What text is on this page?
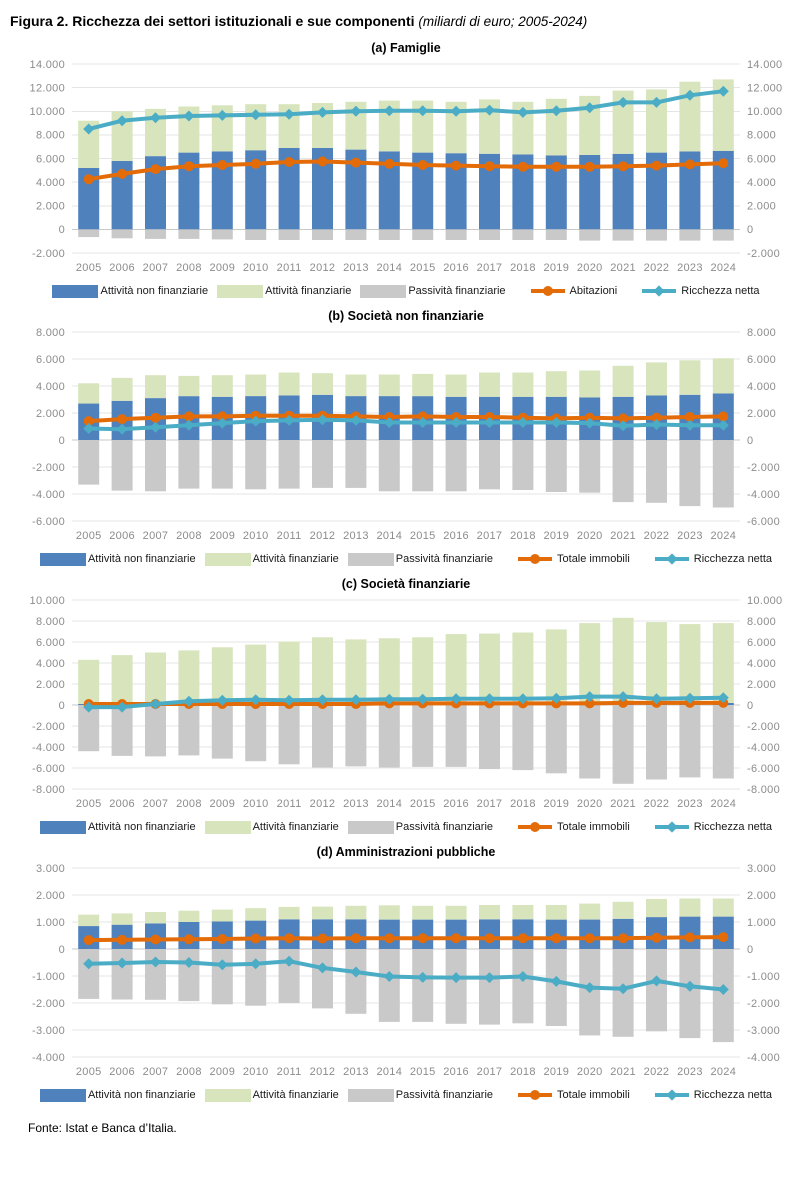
Figura 2. Ricchezza dei settori istituzionali e sue componenti (miliardi di euro; 2005-2024)
(a) Famiglie
-2.000	-2.000
0	0
2.000	2.000
4.000	4.000
6.000	6.000
8.000	8.000
10.000	10.000
12.000	12.000
14.000	14.000
2005 2006 2007 2008 2009 2010 2011 2012 2013 2014 2015 2016 2017 2018 2019 2020 2021 2022 2023 2024
Attività non finanziarie	Attività finanziarie	Passività finanziarie	Abitazioni	Ricchezza netta
(b) Società non finanziarie
-6.000	-6.000
-4.000	-4.000
-2.000	-2.000
0	0
2.000	2.000
4.000	4.000
6.000	6.000
8.000	8.000
2005 2006 2007 2008 2009 2010 2011 2012 2013 2014 2015 2016 2017 2018 2019 2020 2021 2022 2023 2024
Attività non finanziarie	Attività finanziarie	Passività finanziarie	Totale immobili	Ricchezza netta
(c) Società finanziarie
-8.000	-8.000
-6.000	-6.000
-4.000	-4.000
-2.000	-2.000
0	0
2.000	2.000
4.000	4.000
6.000	6.000
8.000	8.000
10.000	10.000
2005 2006 2007 2008 2009 2010 2011 2012 2013 2014 2015 2016 2017 2018 2019 2020 2021 2022 2023 2024
Attività non finanziarie	Attività finanziarie	Passività finanziarie	Totale immobili	Ricchezza netta
(d) Amministrazioni pubbliche
-4.000	-4.000
-3.000	-3.000
-2.000	-2.000
-1.000	-1.000
0	0
1.000	1.000
2.000	2.000
3.000	3.000
2005 2006 2007 2008 2009 2010 2011 2012 2013 2014 2015 2016 2017 2018 2019 2020 2021 2022 2023 2024
Attività non finanziarie	Attività finanziarie	Passività finanziarie	Totale immobili	Ricchezza netta
Fonte: Istat e Banca d’Italia.
